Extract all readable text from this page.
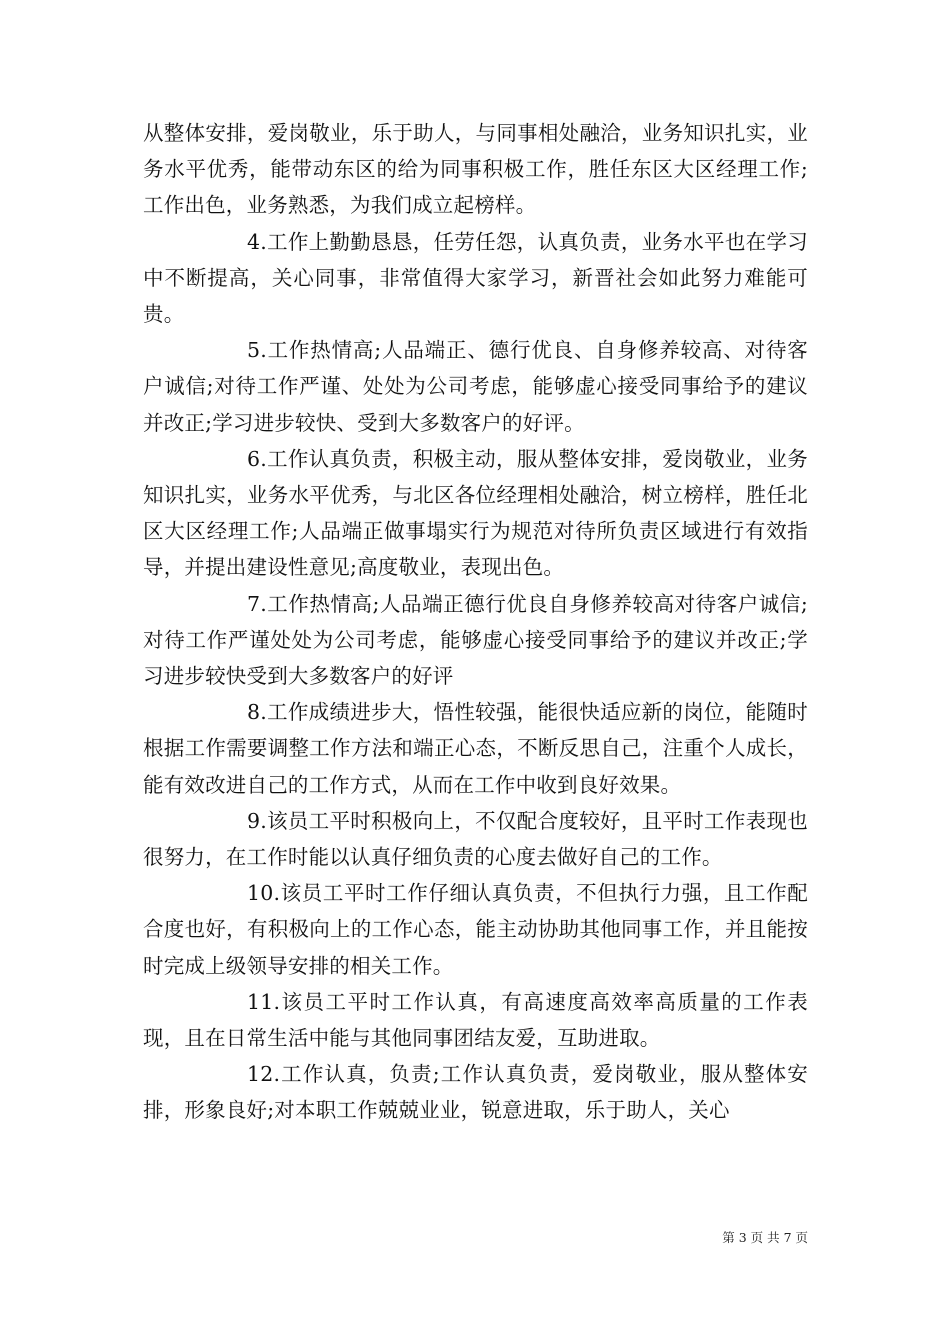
从整体安排，爱岗敬业，乐于助人，与同事相处融洽，业务知识扎实，业务水平优秀，能带动东区的给为同事积极工作，胜任东区大区经理工作;工作出色，业务熟悉，为我们成立起榜样。

4.工作上勤勤恳恳，任劳任怨，认真负责，业务水平也在学习中不断提高，关心同事，非常值得大家学习，新晋社会如此努力难能可贵。

5.工作热情高;人品端正、德行优良、自身修养较高、对待客户诚信;对待工作严谨、处处为公司考虑，能够虚心接受同事给予的建议并改正;学习进步较快、受到大多数客户的好评。

6.工作认真负责，积极主动，服从整体安排，爱岗敬业，业务知识扎实，业务水平优秀，与北区各位经理相处融洽，树立榜样，胜任北区大区经理工作;人品端正做事塌实行为规范对待所负责区域进行有效指导，并提出建设性意见;高度敬业，表现出色。

7.工作热情高;人品端正德行优良自身修养较高对待客户诚信;对待工作严谨处处为公司考虑，能够虚心接受同事给予的建议并改正;学习进步较快受到大多数客户的好评

8.工作成绩进步大，悟性较强，能很快适应新的岗位，能随时根据工作需要调整工作方法和端正心态，不断反思自己，注重个人成长，能有效改进自己的工作方式，从而在工作中收到良好效果。

9.该员工平时积极向上，不仅配合度较好，且平时工作表现也很努力，在工作时能以认真仔细负责的心度去做好自己的工作。

10.该员工平时工作仔细认真负责，不但执行力强，且工作配合度也好，有积极向上的工作心态，能主动协助其他同事工作，并且能按时完成上级领导安排的相关工作。

11.该员工平时工作认真，有高速度高效率高质量的工作表现，且在日常生活中能与其他同事团结友爱，互助进取。

12.工作认真，负责;工作认真负责，爱岗敬业，服从整体安排，形象良好;对本职工作兢兢业业，锐意进取，乐于助人，关心

第 3 页 共 7 页
